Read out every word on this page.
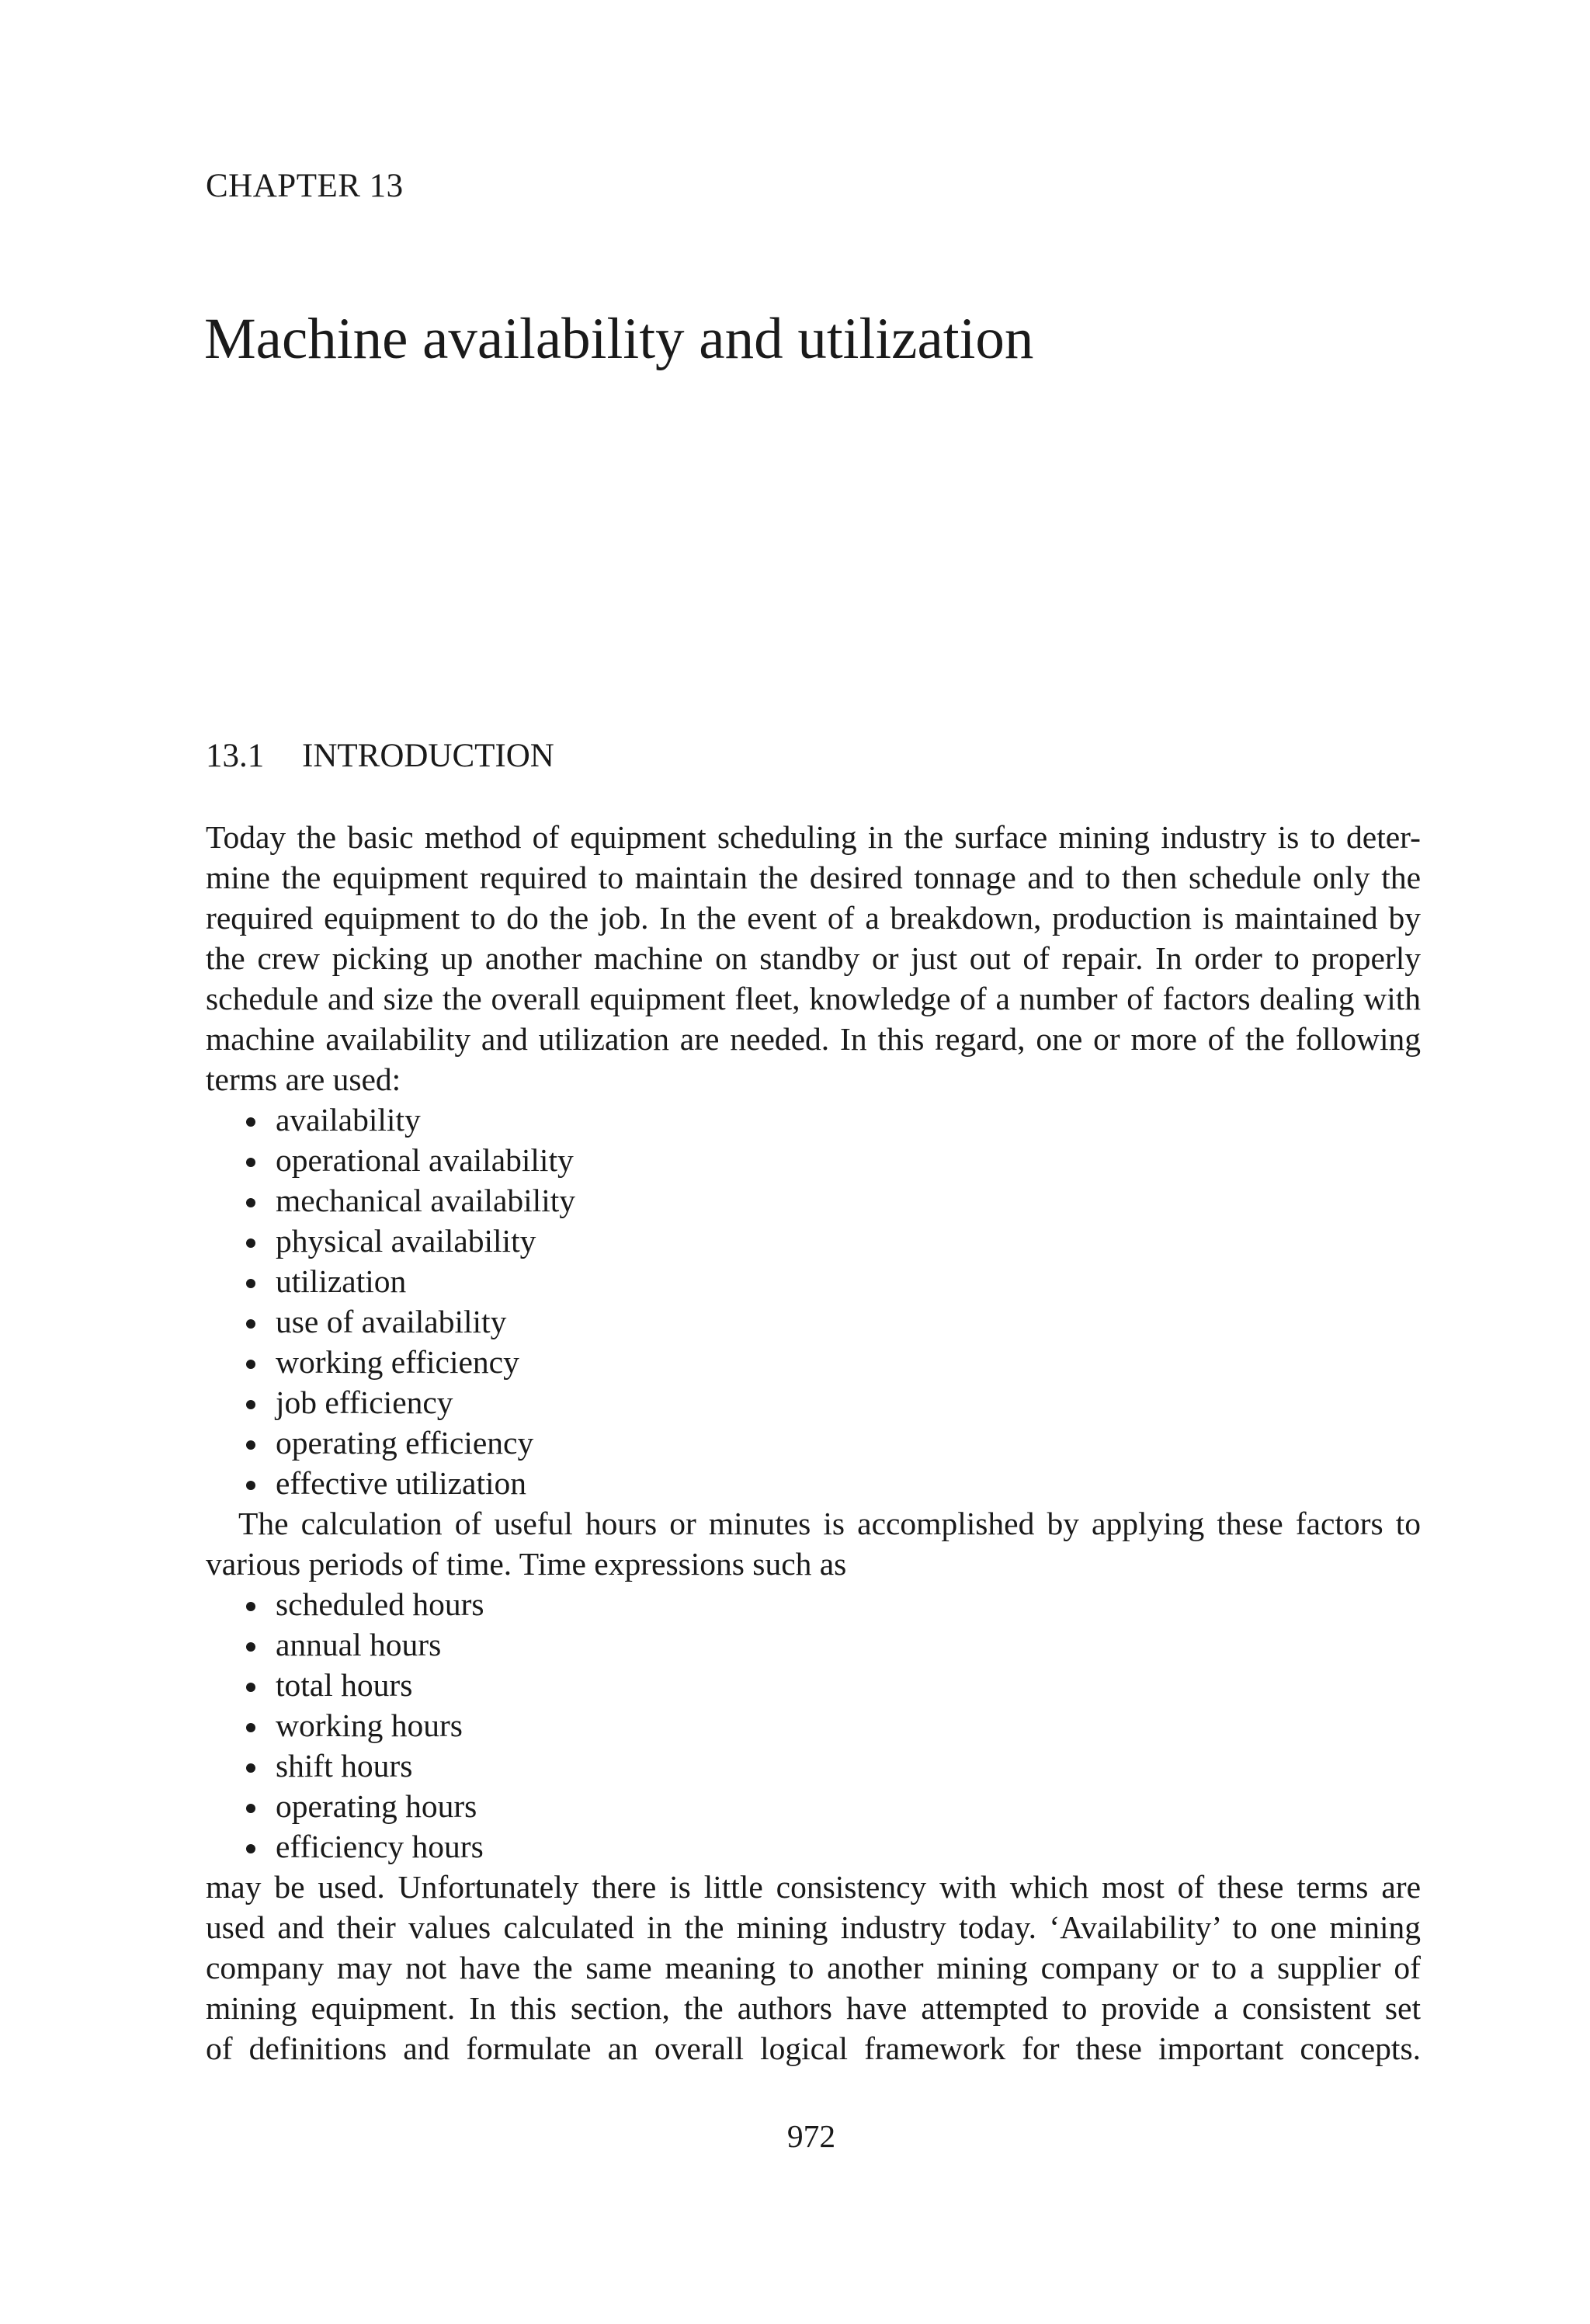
CHAPTER 13
Machine availability and utilization
13.1 INTRODUCTION
Today the basic method of equipment scheduling in the surface mining industry is to deter-
mine the equipment required to maintain the desired tonnage and to then schedule only the
required equipment to do the job. In the event of a breakdown, production is maintained by
the crew picking up another machine on standby or just out of repair. In order to properly
schedule and size the overall equipment fleet, knowledge of a number of factors dealing with
machine availability and utilization are needed. In this regard, one or more of the following
terms are used:
availability
operational availability
mechanical availability
physical availability
utilization
use of availability
working efficiency
job efficiency
operating efficiency
effective utilization
The calculation of useful hours or minutes is accomplished by applying these factors to
various periods of time. Time expressions such as
scheduled hours
annual hours
total hours
working hours
shift hours
operating hours
efficiency hours
may be used. Unfortunately there is little consistency with which most of these terms are
used and their values calculated in the mining industry today. ‘Availability’ to one mining
company may not have the same meaning to another mining company or to a supplier of
mining equipment. In this section, the authors have attempted to provide a consistent set
of definitions and formulate an overall logical framework for these important concepts.
972
